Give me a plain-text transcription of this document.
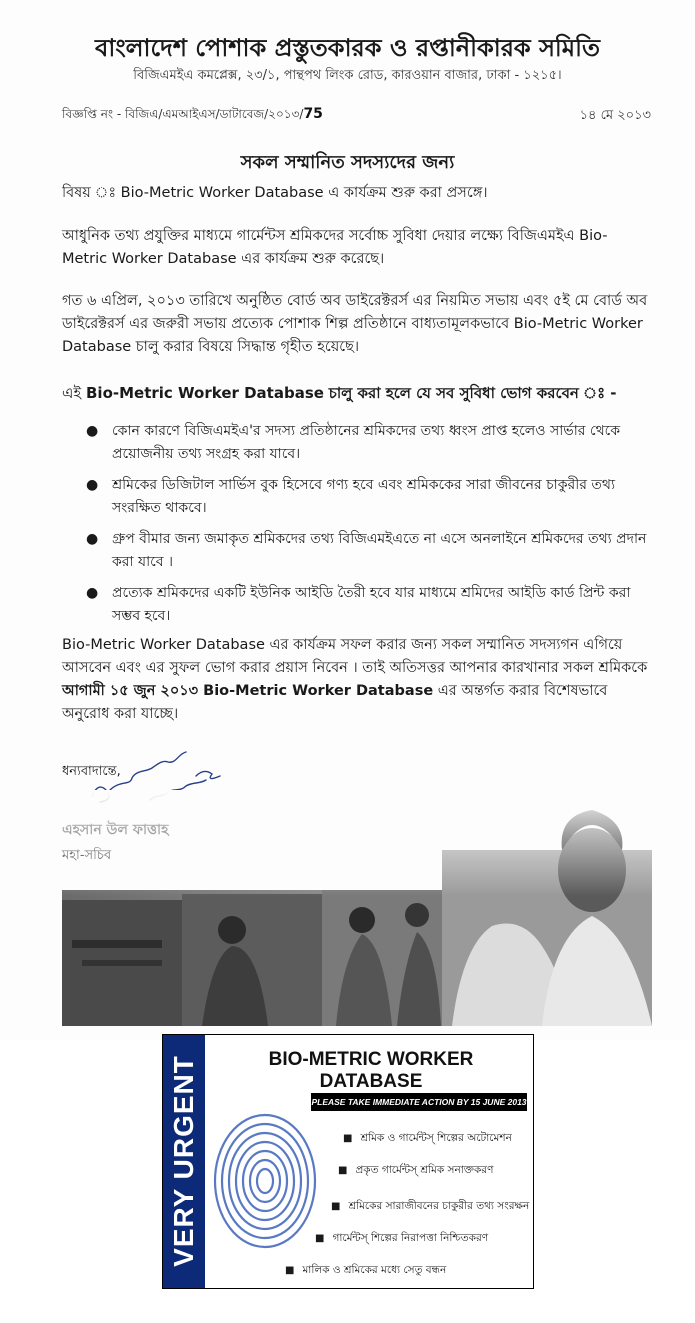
বাংলাদেশ পোশাক প্রস্তুতকারক ও রপ্তানীকারক সমিতি
বিজিএমইএ কমপ্লেক্স, ২৩/১, পান্থপথ লিংক রোড, কারওয়ান বাজার, ঢাকা - ১২১৫।
বিজ্ঞপ্তি নং - বিজিএ/এমআইএস/ডাটাবেজ/২০১৩/75	১৪ মে ২০১৩
সকল সম্মানিত সদস্যদের জন্য
বিষয় ঃ Bio-Metric Worker Database এ কার্যক্রম শুরু করা প্রসঙ্গে।
আধুনিক তথ্য প্রযুক্তির মাধ্যমে গার্মেন্টস শ্রমিকদের সর্বোচ্চ সুবিধা দেয়ার লক্ষ্যে বিজিএমইএ Bio-Metric Worker Database এর কার্যক্রম শুরু করেছে।
গত ৬ এপ্রিল, ২০১৩ তারিখে অনুষ্ঠিত বোর্ড অব ডাইরেক্টরর্স এর নিয়মিত সভায় এবং ৫ই মে বোর্ড অব ডাইরেক্টরর্স এর জরুরী সভায় প্রত্যেক পোশাক শিল্প প্রতিষ্ঠানে বাধ্যতামূলকভাবে Bio-Metric Worker Database চালু করার বিষয়ে সিদ্ধান্ত গৃহীত হয়েছে।
এই Bio-Metric Worker Database চালু করা হলে যে সব সুবিধা ভোগ করবেন ঃ -
● কোন কারণে বিজিএমইএ'র সদস্য প্রতিষ্ঠানের শ্রমিকদের তথ্য ধ্বংস প্রাপ্ত হলেও সার্ভার থেকে প্রয়োজনীয় তথ্য সংগ্রহ করা যাবে।
● শ্রমিকের ডিজিটাল সার্ভিস বুক হিসেবে গণ্য হবে এবং শ্রমিককের সারা জীবনের চাকুরীর তথ্য সংরক্ষিত থাকবে।
● গ্রুপ বীমার জন্য জমাকৃত শ্রমিকদের তথ্য বিজিএমইএতে না এসে অনলাইনে শ্রমিকদের তথ্য প্রদান করা যাবে ।
● প্রত্যেক শ্রমিকদের একটি ইউনিক আইডি তৈরী হবে যার মাধ্যমে শ্রমিদের আইডি কার্ড প্রিন্ট করা সম্ভব হবে।
Bio-Metric Worker Database এর কার্যক্রম সফল করার জন্য সকল সম্মানিত সদস্যগন এগিয়ে আসবেন এবং এর সুফল ভোগ করার প্রয়াস নিবেন । তাই অতিসত্তর আপনার কারখানার সকল শ্রমিককে আগামী ১৫ জুন ২০১৩ Bio-Metric Worker Database এর অন্তর্গত করার বিশেষভাবে অনুরোধ করা যাচ্ছে।
ধন্যবাদান্তে,
VERY URGENT	BIO-METRIC WORKER DATABASE
PLEASE TAKE IMMEDIATE ACTION BY 15 JUNE 2013
■ শ্রমিক ও গার্মেন্টস্ শিল্পের অটোমেশন
■ প্রকৃত গার্মেন্টস্ শ্রমিক সনাক্তকরণ
■ শ্রমিকের সারাজীবনের চাকুরীর তথ্য সংরক্ষন
■ গার্মেন্টস্ শিল্পের নিরাপত্তা নিশ্চিতকরণ
■ মালিক ও শ্রমিকের মধ্যে সেতু বন্ধন
